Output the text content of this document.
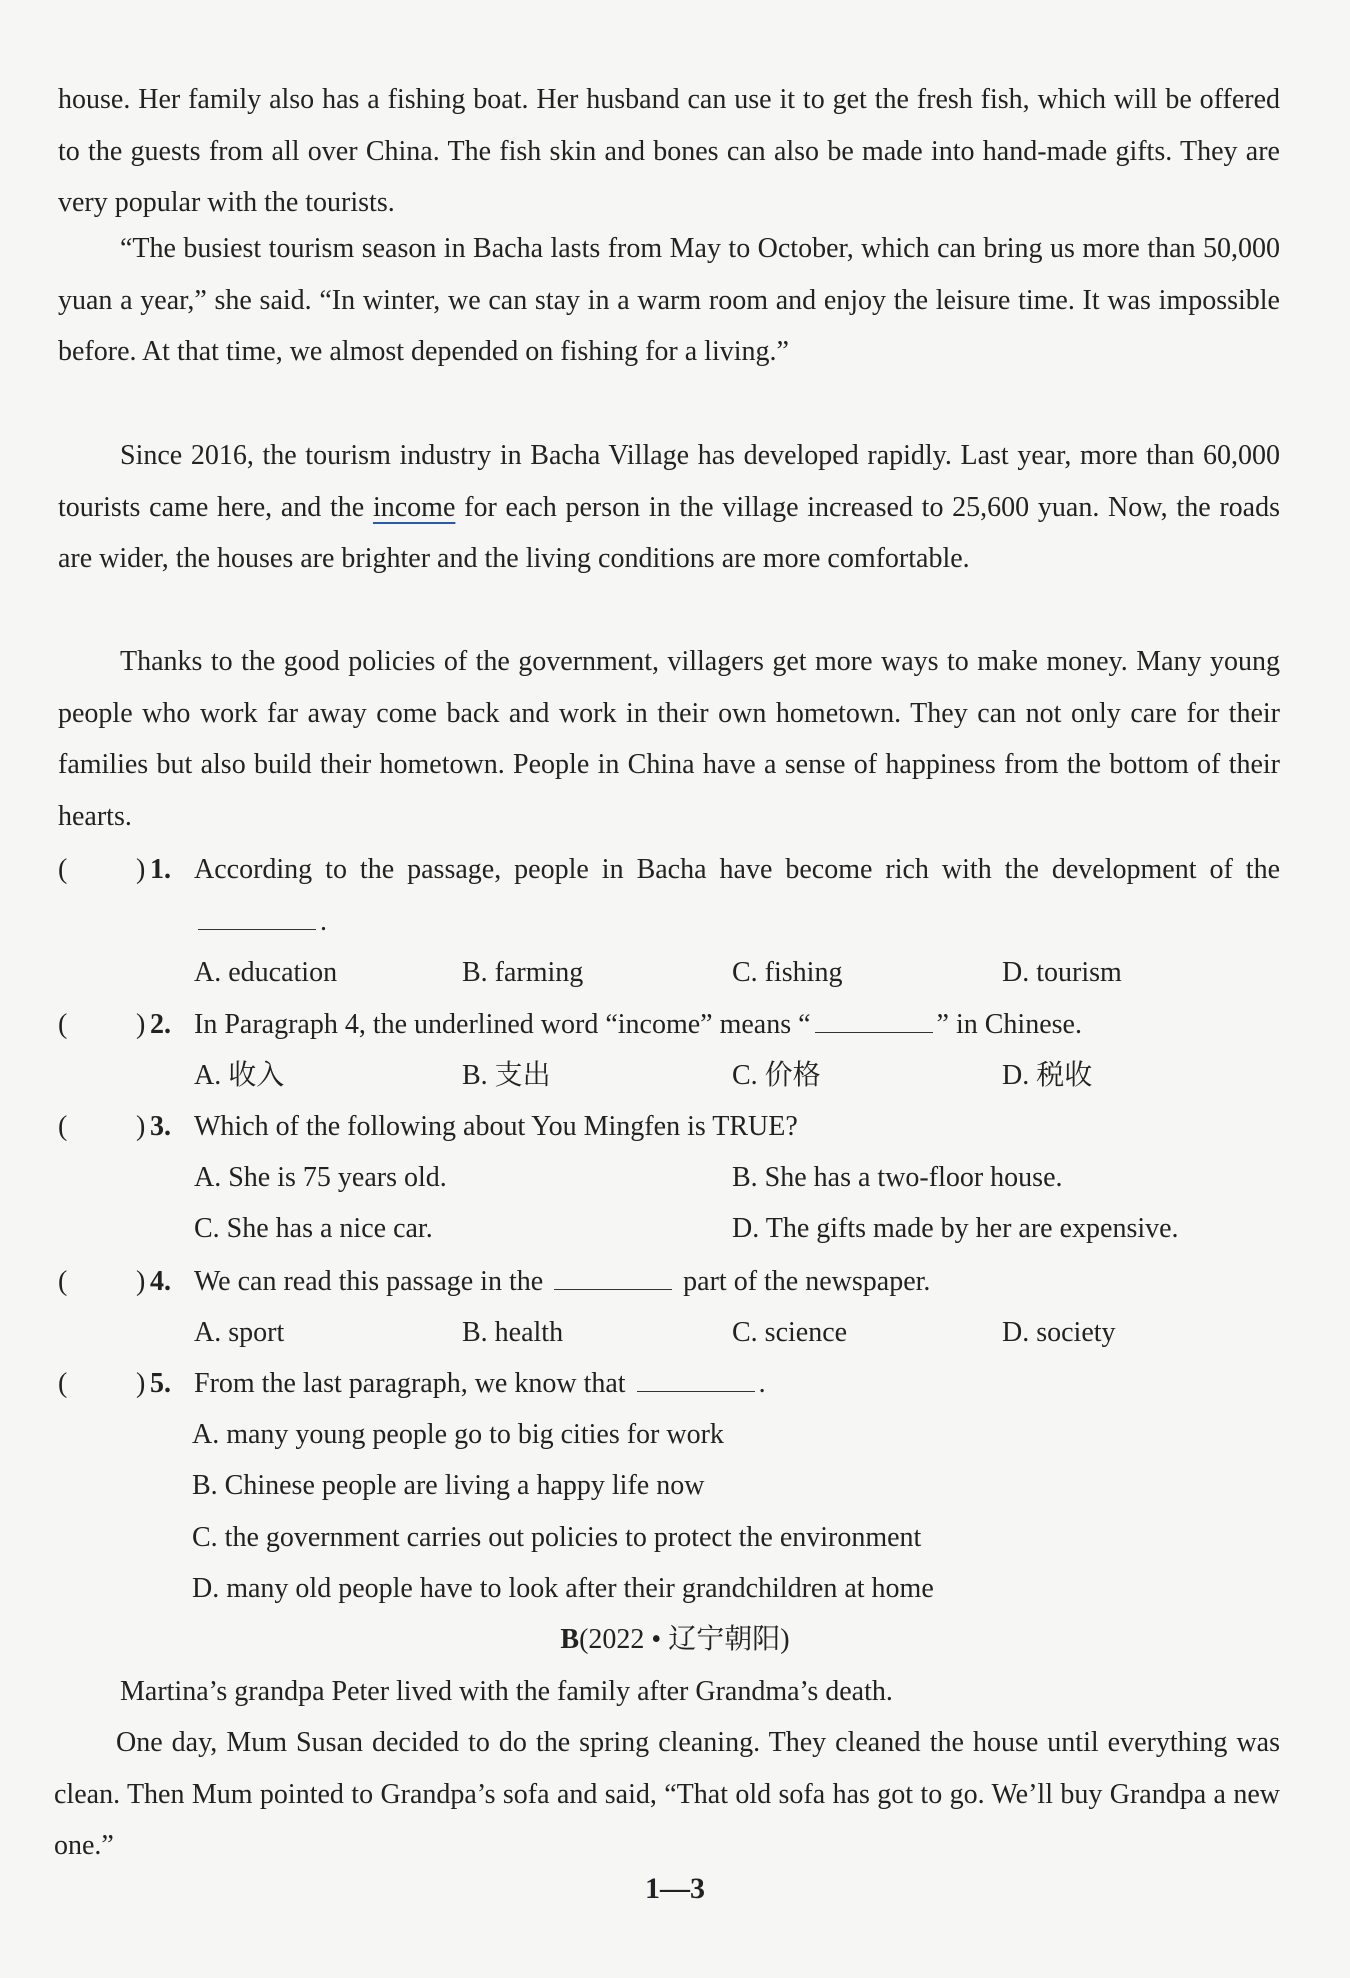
house. Her family also has a fishing boat. Her husband can use it to get the fresh fish, which will be offered to the guests from all over China. The fish skin and bones can also be made into hand-made gifts. They are very popular with the tourists.

“The busiest tourism season in Bacha lasts from May to October, which can bring us more than 50,000 yuan a year,” she said. “In winter, we can stay in a warm room and enjoy the leisure time. It was impossible before. At that time, we almost depended on fishing for a living.”

Since 2016, the tourism industry in Bacha Village has developed rapidly. Last year, more than 60,000 tourists came here, and the income for each person in the village increased to 25,600 yuan. Now, the roads are wider, the houses are brighter and the living conditions are more comfortable.

Thanks to the good policies of the government, villagers get more ways to make money. Many young people who work far away come back and work in their own hometown. They can not only care for their families but also build their hometown. People in China have a sense of happiness from the bottom of their hearts.

( ) 1. According to the passage, people in Bacha have become rich with the development of the .
A. education	B. farming	C. fishing	D. tourism
( ) 2. In Paragraph 4, the underlined word “income” means “	” in Chinese.
A. 收入	B. 支出	C. 价格	D. 税收
( ) 3. Which of the following about You Mingfen is TRUE?
A. She is 75 years old.	B. She has a two-floor house.
C. She has a nice car.	D. The gifts made by her are expensive.
( ) 4. We can read this passage in the	part of the newspaper.
A. sport	B. health	C. science	D. society
( ) 5. From the last paragraph, we know that	.
A. many young people go to big cities for work
B. Chinese people are living a happy life now
C. the government carries out policies to protect the environment
D. many old people have to look after their grandchildren at home
B(2022 • 辽宁朝阳)

Martina’s grandpa Peter lived with the family after Grandma’s death.

One day, Mum Susan decided to do the spring cleaning. They cleaned the house until everything was clean. Then Mum pointed to Grandpa’s sofa and said, “That old sofa has got to go. We’ll buy Grandpa a new one.”

1—3
